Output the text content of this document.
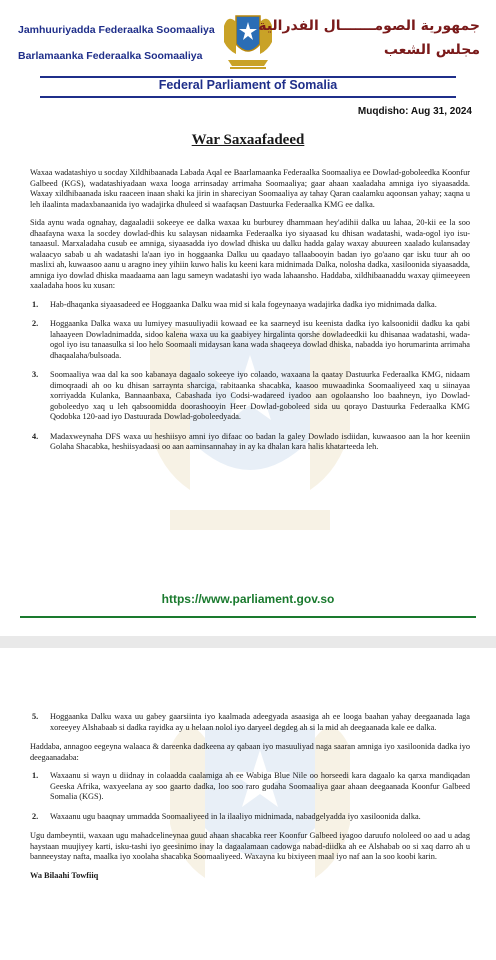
Jamhuuriyadda Federaalka Soomaaliya
Barlamaanka Federaalka Soomaaliya
جمهورية الصومـــــــال الفدرالية
مجلس الشعب
Federal Parliament of Somalia
Muqdisho: Aug 31, 2024
War Saxaafadeed

Waxaa wadatashiyo u socday Xildhibaanada Labada Aqal ee Baarlamaanka Federaalka Soomaaliya ee Dowlad-goboleedka Koonfur Galbeed (KGS), wadatashiyadaan waxa looga arrinsaday arrimaha Soomaaliya; gaar ahaan xaaladaha amniga iyo siyaasadda. Waxay xildhibaanada isku raaceen inaan shaki ka jirin in shareciyan Soomaaliya ay tahay Qaran caalamku aqoonsan yahay; xaqna u leh ilaalinta madaxbanaanida iyo wadajirka dhuleed si waafaqsan Dastuurka Federaalka KMG ee dalka.

Sida aynu wada ognahay, dagaaladii sokeeye ee dalka waxaa ku burburey dhammaan hey'adihii dalka uu lahaa, 20-kii ee la soo dhaafayna waxa la socdey dowlad-dhis ku salaysan nidaamka Federaalka iyo siyaasad ku dhisan wadatashi, wada-ogol iyo isu-tanaasul. Marxaladaha cusub ee amniga, siyaasadda iyo dowlad dhiska uu dalku hadda galay waxay abuureen xaalado kulansaday walaacyo sabab u ah wadatashi la'aan iyo in hoggaanka Dalku uu qaadayo tallaabooyin badan iyo go'aano qar isku tuur ah oo maslixi ah, kuwaasoo aanu u aragno iney yihiin kuwo halis ku keeni kara midnimada Dalka, nolosha dadka, xasiloonida siyaasadda, amniga iyo dowlad dhiska maadaama aan lagu sameyn wadatashi iyo wada lahaansho. Haddaba, xildhibaanaddu waxay qiimeeyeen xaaladaha hoos ku xusan:

1.	Hab-dhaqanka siyaasadeed ee Hoggaanka Dalku waa mid si kala fogeynaaya wadajirka dadka iyo midnimada dalka.
2.	Hoggaanka Dalka waxa uu lumiyey masuuliyadii kowaad ee ka saarneyd isu keenista dadka iyo kalsoonidii dadku ka qabi lahaayeen Dowladnimadda, sidoo kalena waxa uu ka gaabiyey hirgalinta qorshe dowladeedkii ku dhisanaa wadatashi, wada-ogol iyo isu tanaasulka si loo helo Soomaali midaysan kana wada shaqeeya dowlad dhiska, nabadda iyo horumarinta arrimaha dhaqaalaha/bulsoada.
3.	Soomaaliya waa dal ka soo kabanaya dagaalo sokeeye iyo colaado, waxaana la qaatay Dastuurka Federaalka KMG, nidaam dimoqraadi ah oo ku dhisan sarraynta sharciga, rabitaanka shacabka, kaasoo muwaadinka Soomaaliyeed xaq u siinayaa xorriyadda Kulanka, Bannaanbaxa, Cabashada iyo Codsi-wadareed iyadoo aan ogolaansho loo baahneyn, iyo Dowlad-goboleedyo xaq u leh qabsoomidda doorashooyin Heer Dowlad-goboleed sida uu qorayo Dastuurka Federaalka KMG Qodobka 120-aad iyo Dastuurada Dowlad-goboleedyada.
4.	Madaxweynaha DFS waxa uu heshiisyo amni iyo difaac oo badan la galey Dowlado isdiidan, kuwaasoo aan la hor keeniin Golaha Shacabka, heshiisyadaasi oo aan aaminsannahay in ay ka dhalan kara halis khatarteeda leh.
https://www.parliament.gov.so
5.	Hoggaanka Dalku waxa uu gabey gaarsiinta iyo kaalmada adeegyada asaasiga ah ee looga baahan yahay deegaanada laga xoreeyey Alshabaab si dadka rayidka ay u helaan nolol iyo daryeel degdeg ah si la mid ah deegaanada kale ee dalka.

Haddaba, annagoo eegeyna walaaca & dareenka dadkeena ay qabaan iyo masuuliyad naga saaran amniga iyo xasiloonida dadka iyo deegaanadaba:

1.	Waxaanu si wayn u diidnay in colaadda caalamiga ah ee Wabiga Blue Nile oo horseedi kara dagaalo ka qarxa mandiqadan Geeska Afrika, waxyeelana ay soo gaarto dadka, loo soo raro gudaha Soomaaliya gaar ahaan deegaanada Koonfur Galbeed Somalia (KGS).
2.	Waxaanu ugu baaqnay ummadda Soomaaliyeed in la ilaaliyo midnimada, nabadgelyadda iyo xasiloonida dalka.

Ugu dambeyntii, waxaan ugu mahadcelineynaa guud ahaan shacabka reer Koonfur Galbeed iyagoo daruufo nololeed oo aad u adag haystaan muujiyey karti, isku-tashi iyo geesinimo inay la dagaalamaan cadowga nabad-diidka ah ee Alshabab oo si xaq darro ah u banneeystay nafta, maalka iyo xoolaha shacabka Soomaaliyeed. Waxayna ku bixiyeen maal iyo naf aan la soo koobi karin.

Wa Bilaahi Towfiiq
